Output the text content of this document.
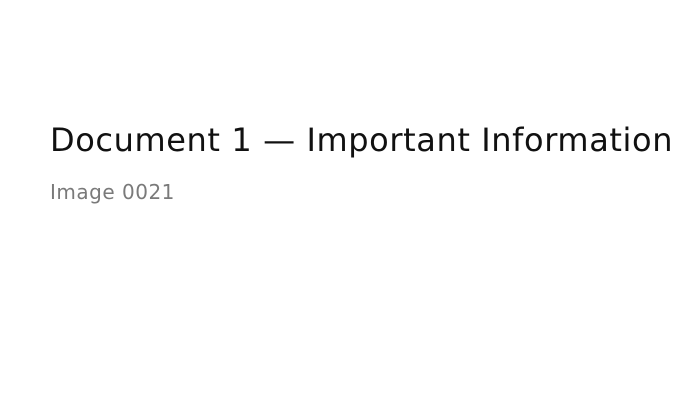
Document 1 — Important Information
Image 0021
